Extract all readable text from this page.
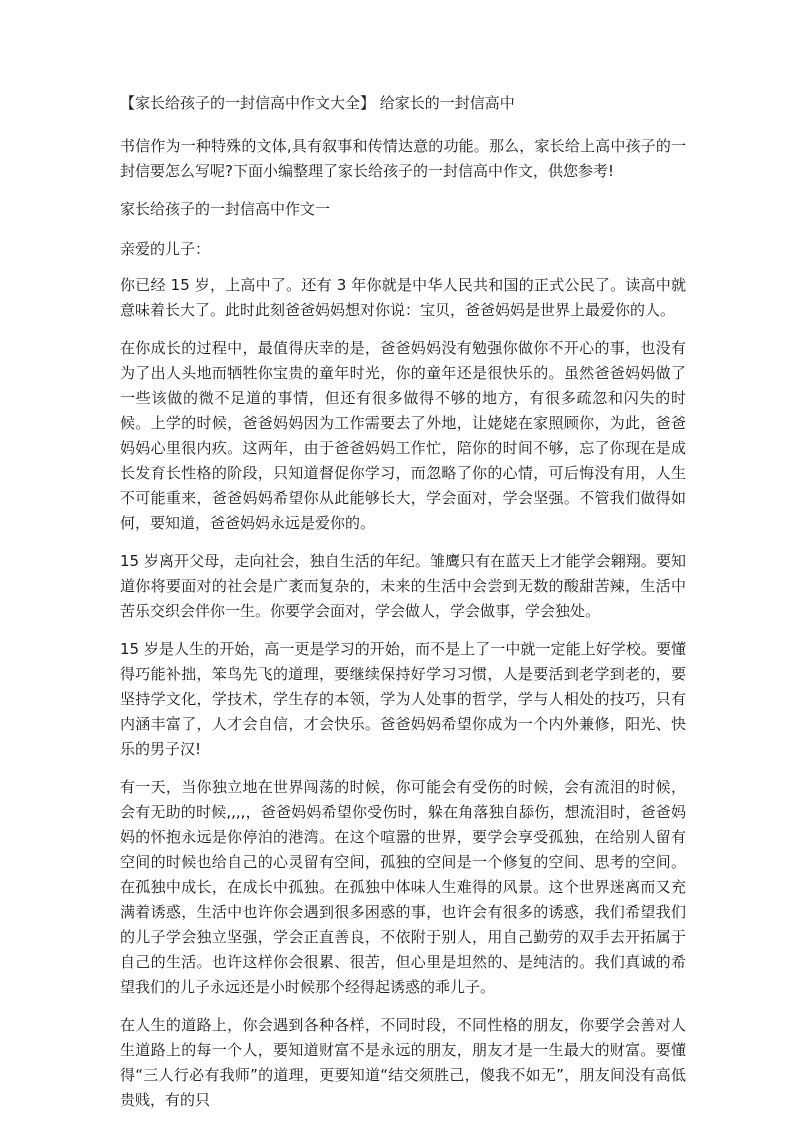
【家长给孩子的一封信高中作文大全】 给家长的一封信高中

书信作为一种特殊的文体,具有叙事和传情达意的功能。那么，家长给上高中孩子的一封信要怎么写呢?下面小编整理了家长给孩子的一封信高中作文，供您参考!

家长给孩子的一封信高中作文一
亲爱的儿子：

你已经 15 岁，上高中了。还有 3 年你就是中华人民共和国的正式公民了。读高中就意味着长大了。此时此刻爸爸妈妈想对你说：宝贝，爸爸妈妈是世界上最爱你的人。

在你成长的过程中，最值得庆幸的是，爸爸妈妈没有勉强你做你不开心的事，也没有为了出人头地而牺牲你宝贵的童年时光，你的童年还是很快乐的。虽然爸爸妈妈做了一些该做的微不足道的事情，但还有很多做得不够的地方，有很多疏忽和闪失的时候。上学的时候，爸爸妈妈因为工作需要去了外地，让姥姥在家照顾你，为此，爸爸妈妈心里很内疚。这两年，由于爸爸妈妈工作忙，陪你的时间不够，忘了你现在是成长发育长性格的阶段，只知道督促你学习，而忽略了你的心情，可后悔没有用，人生不可能重来，爸爸妈妈希望你从此能够长大，学会面对，学会坚强。不管我们做得如何，要知道，爸爸妈妈永远是爱你的。

15 岁离开父母，走向社会，独自生活的年纪。雏鹰只有在蓝天上才能学会翱翔。要知道你将要面对的社会是广袤而复杂的，未来的生活中会尝到无数的酸甜苦辣，生活中苦乐交织会伴你一生。你要学会面对，学会做人，学会做事，学会独处。

15 岁是人生的开始，高一更是学习的开始，而不是上了一中就一定能上好学校。要懂得巧能补拙，笨鸟先飞的道理，要继续保持好学习习惯，人是要活到老学到老的，要坚持学文化，学技术，学生存的本领，学为人处事的哲学，学与人相处的技巧，只有内涵丰富了，人才会自信，才会快乐。爸爸妈妈希望你成为一个内外兼修，阳光、快乐的男子汉!

有一天，当你独立地在世界闯荡的时候，你可能会有受伤的时候，会有流泪的时候，会有无助的时候,,,,，爸爸妈妈希望你受伤时，躲在角落独自舔伤，想流泪时，爸爸妈妈的怀抱永远是你停泊的港湾。在这个喧嚣的世界，要学会享受孤独，在给别人留有空间的时候也给自己的心灵留有空间，孤独的空间是一个修复的空间、思考的空间。在孤独中成长，在成长中孤独。在孤独中体味人生难得的风景。这个世界迷离而又充满着诱惑，生活中也许你会遇到很多困惑的事，也许会有很多的诱惑，我们希望我们的儿子学会独立坚强，学会正直善良，不依附于别人，用自己勤劳的双手去开拓属于自己的生活。也许这样你会很累、很苦，但心里是坦然的、是纯洁的。我们真诚的希望我们的儿子永远还是小时候那个经得起诱惑的乖儿子。

在人生的道路上，你会遇到各种各样，不同时段，不同性格的朋友，你要学会善对人生道路上的每一个人，要知道财富不是永远的朋友，朋友才是一生最大的财富。要懂得“三人行必有我师”的道理，更要知道“结交须胜己，傻我不如无”，朋友间没有高低贵贱，有的只
